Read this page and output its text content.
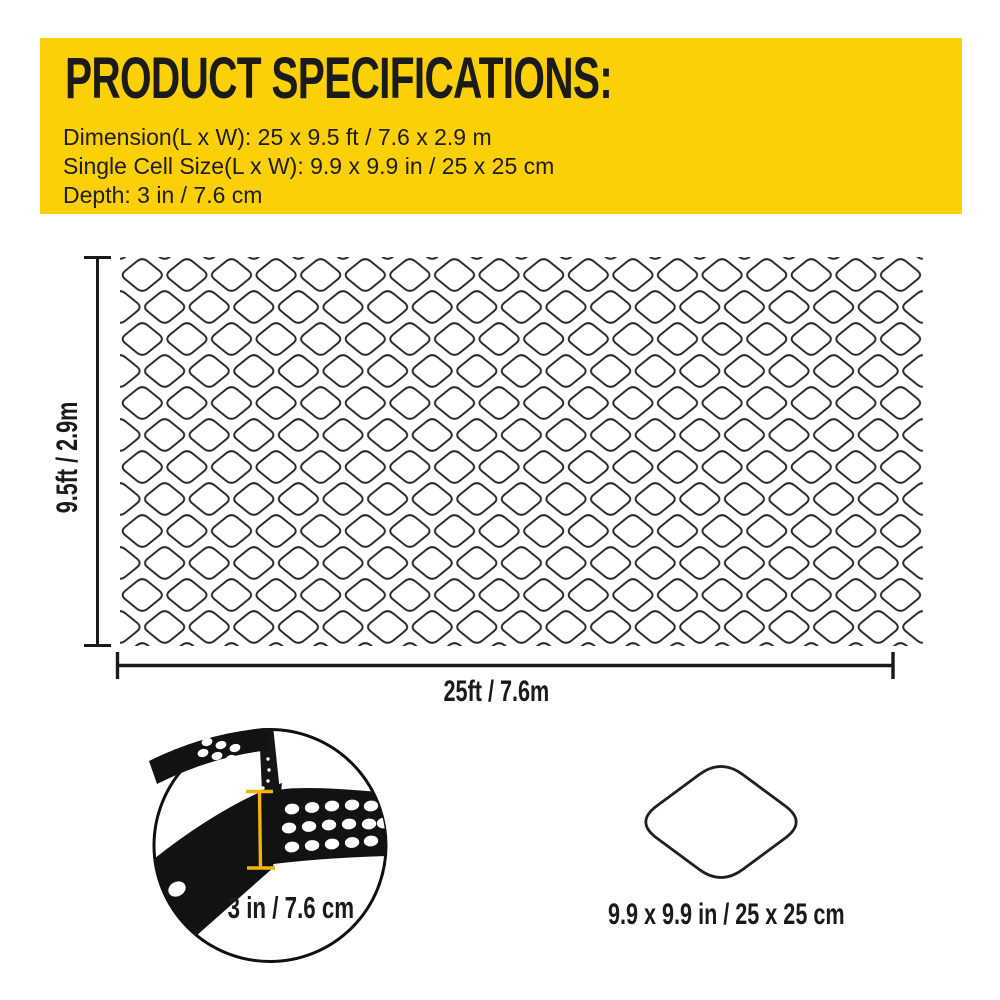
PRODUCT SPECIFICATIONS:
Dimension(L x W): 25 x 9.5 ft / 7.6 x 2.9 m
Single Cell Size(L x W): 9.9 x 9.9 in / 25 x 25 cm
Depth: 3 in / 7.6 cm
25ft / 7.6m
9.5ft / 2.9m
9.9 x 9.9 in / 25 x 25 cm
3 in / 7.6 cm
